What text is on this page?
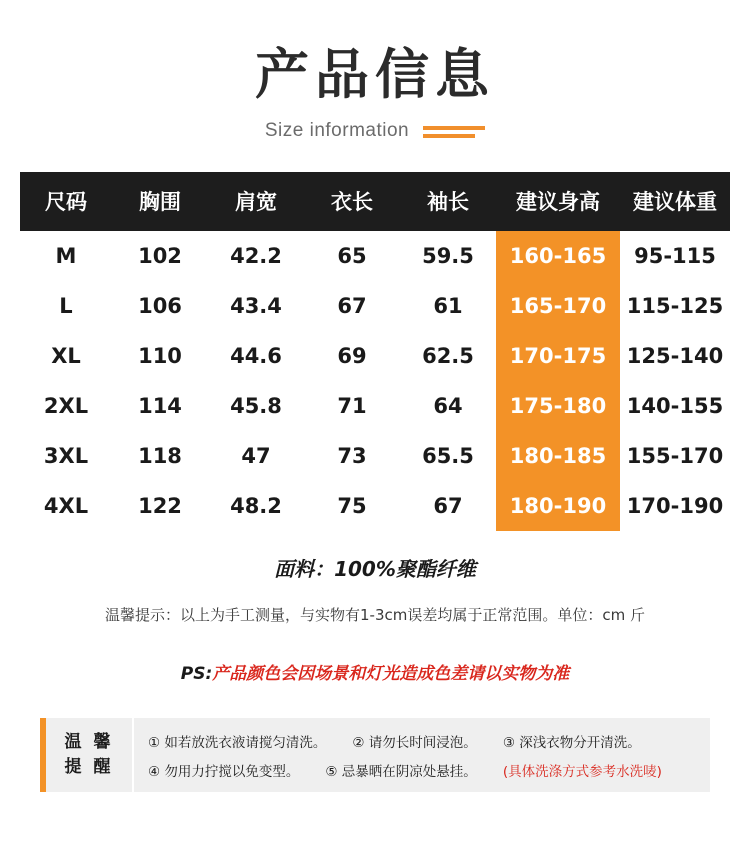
产品信息
Size information
尺码	胸围	肩宽	衣长	袖长	建议身高	建议体重
M	102	42.2	65	59.5	160-165	95-115
L	106	43.4	67	61	165-170	115-125
XL	110	44.6	69	62.5	170-175	125-140
2XL	114	45.8	71	64	175-180	140-155
3XL	118	47	73	65.5	180-185	155-170
4XL	122	48.2	75	67	180-190	170-190
面料：100%聚酯纤维
温馨提示：以上为手工测量，与实物有1-3cm误差均属于正常范围。单位：cm 斤
PS:产品颜色会因场景和灯光造成色差请以实物为准
温 馨
提 醒
① 如若放洗衣液请搅匀清洗。 ② 请勿长时间浸泡。 ③ 深浅衣物分开清洗。
④ 勿用力拧搅以免变型。 ⑤ 忌暴晒在阴凉处悬挂。 (具体洗涤方式参考水洗唛)
